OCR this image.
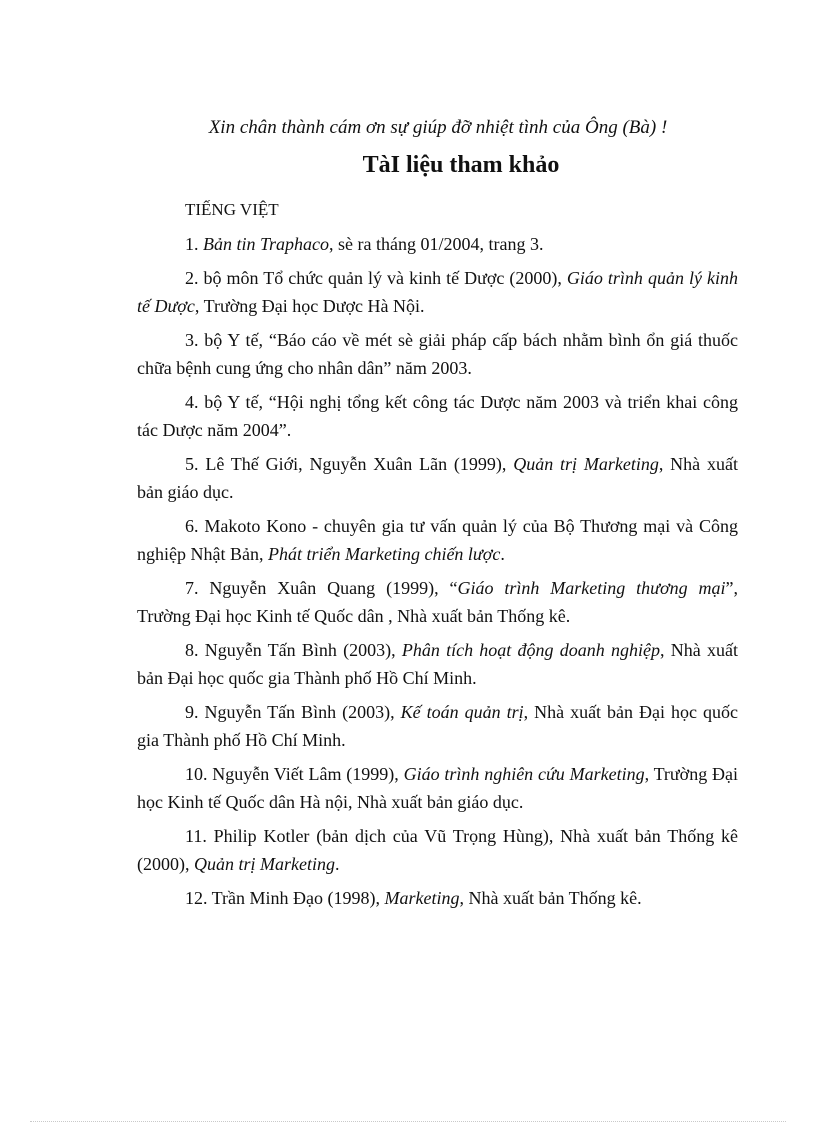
Xin chân thành cám ơn sự giúp đỡ nhiệt tình của Ông (Bà) !
TàI liệu tham khảo
TIẾNG VIỆT

1. Bản tin Traphaco, sè ra tháng 01/2004, trang 3.

2. bộ môn Tổ chức quản lý và kinh tế Dược (2000), Giáo trình quản lý kinh tế Dược, Trường Đại học Dược Hà Nội.

3. bộ Y tế, “Báo cáo về mét sè giải pháp cấp bách nhằm bình ổn giá thuốc chữa bệnh cung ứng cho nhân dân” năm 2003.

4. bộ Y tế, “Hội nghị tổng kết công tác Dược năm 2003 và triển khai công tác Dược năm 2004”.

5. Lê Thế Giới, Nguyễn Xuân Lãn (1999), Quản trị Marketing, Nhà xuất bản giáo dục.

6. Makoto Kono - chuyên gia tư vấn quản lý của Bộ Thương mại và Công nghiệp Nhật Bản, Phát triển Marketing chiến lược.

7. Nguyễn Xuân Quang (1999), “Giáo trình Marketing thương mại”, Trường Đại học Kinh tế Quốc dân , Nhà xuất bản Thống kê.

8. Nguyễn Tấn Bình (2003), Phân tích hoạt động doanh nghiệp, Nhà xuất bản Đại học quốc gia Thành phố Hồ Chí Minh.

9. Nguyễn Tấn Bình (2003), Kế toán quản trị, Nhà xuất bản Đại học quốc gia Thành phố Hồ Chí Minh.

10. Nguyễn Viết Lâm (1999), Giáo trình nghiên cứu Marketing, Trường Đại học Kinh tế Quốc dân Hà nội, Nhà xuất bản giáo dục.

11. Philip Kotler (bản dịch của Vũ Trọng Hùng), Nhà xuất bản Thống kê (2000), Quản trị Marketing.

12. Trần Minh Đạo (1998), Marketing, Nhà xuất bản Thống kê.
